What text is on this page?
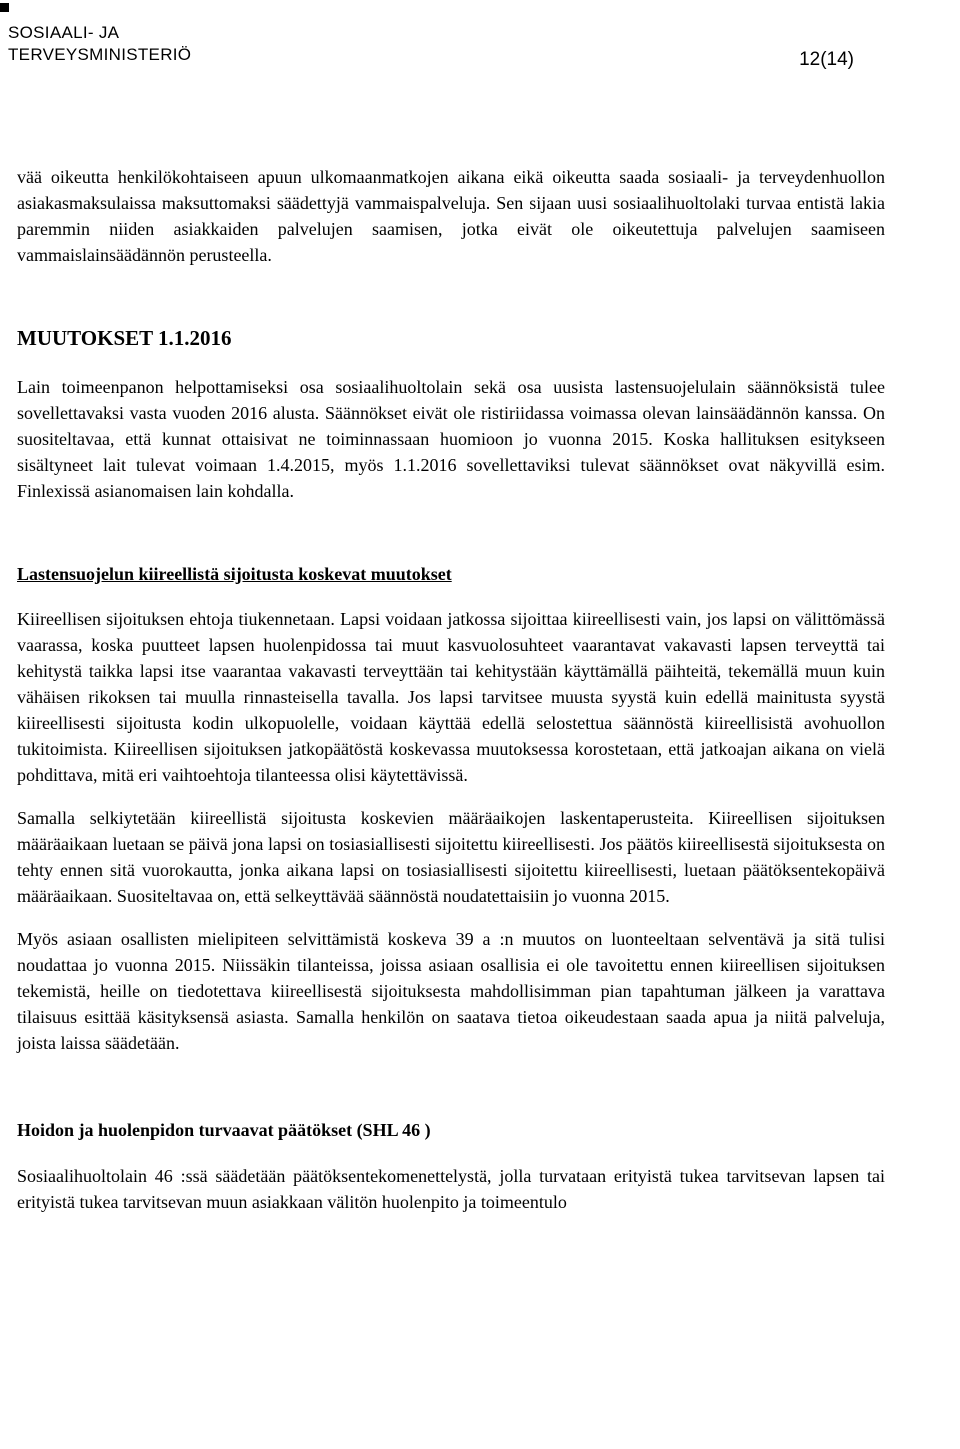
SOSIAALI- JA
TERVEYSMINISTERIÖ	12(14)

vää oikeutta henkilökohtaiseen apuun ulkomaanmatkojen aikana eikä oikeutta saada sosiaali- ja terveydenhuollon asiakasmaksulaissa maksuttomaksi säädettyjä vammaispalveluja. Sen sijaan uusi sosiaalihuoltolaki turvaa entistä lakia paremmin niiden asiakkaiden palvelujen saamisen, jotka eivät ole oikeutettuja palvelujen saamiseen vammaislainsäädännön perusteella.

MUUTOKSET 1.1.2016

Lain toimeenpanon helpottamiseksi osa sosiaalihuoltolain sekä osa uusista lastensuojelulain säännöksistä tulee sovellettavaksi vasta vuoden 2016 alusta. Säännökset eivät ole ristiriidassa voimassa olevan lainsäädännön kanssa. On suositeltavaa, että kunnat ottaisivat ne toiminnassaan huomioon jo vuonna 2015. Koska hallituksen esitykseen sisältyneet lait tulevat voimaan 1.4.2015, myös 1.1.2016 sovellettaviksi tulevat säännökset ovat näkyvillä esim. Finlexissä asianomaisen lain kohdalla.

Lastensuojelun kiireellistä sijoitusta koskevat muutokset

Kiireellisen sijoituksen ehtoja tiukennetaan. Lapsi voidaan jatkossa sijoittaa kiireellisesti vain, jos lapsi on välittömässä vaarassa, koska puutteet lapsen huolenpidossa tai muut kasvuolosuhteet vaarantavat vakavasti lapsen terveyttä tai kehitystä taikka lapsi itse vaarantaa vakavasti terveyttään tai kehitystään käyttämällä päihteitä, tekemällä muun kuin vähäisen rikoksen tai muulla rinnasteisella tavalla. Jos lapsi tarvitsee muusta syystä kuin edellä mainitusta syystä kiireellisesti sijoitusta kodin ulkopuolelle, voidaan käyttää edellä selostettua säännöstä kiireellisistä avohuollon tukitoimista. Kiireellisen sijoituksen jatkopäätöstä koskevassa muutoksessa korostetaan, että jatkoajan aikana on vielä pohdittava, mitä eri vaihtoehtoja tilanteessa olisi käytettävissä.

Samalla selkiytetään kiireellistä sijoitusta koskevien määräaikojen laskentaperusteita. Kiireellisen sijoituksen määräaikaan luetaan se päivä jona lapsi on tosiasiallisesti sijoitettu kiireellisesti. Jos päätös kiireellisestä sijoituksesta on tehty ennen sitä vuorokautta, jonka aikana lapsi on tosiasiallisesti sijoitettu kiireellisesti, luetaan päätöksentekopäivä määräaikaan. Suositeltavaa on, että selkeyttävää säännöstä noudatettaisiin jo vuonna 2015.

Myös asiaan osallisten mielipiteen selvittämistä koskeva 39 a :n muutos on luonteeltaan selventävä ja sitä tulisi noudattaa jo vuonna 2015. Niissäkin tilanteissa, joissa asiaan osallisia ei ole tavoitettu ennen kiireellisen sijoituksen tekemistä, heille on tiedotettava kiireellisestä sijoituksesta mahdollisimman pian tapahtuman jälkeen ja varattava tilaisuus esittää käsityksensä asiasta. Samalla henkilön on saatava tietoa oikeudestaan saada apua ja niitä palveluja, joista laissa säädetään.

Hoidon ja huolenpidon turvaavat päätökset (SHL 46 )

Sosiaalihuoltolain 46 :ssä säädetään päätöksentekomenettelystä, jolla turvataan erityistä tukea tarvitsevan lapsen tai erityistä tukea tarvitsevan muun asiakkaan välitön huolenpito ja toimeentulo
